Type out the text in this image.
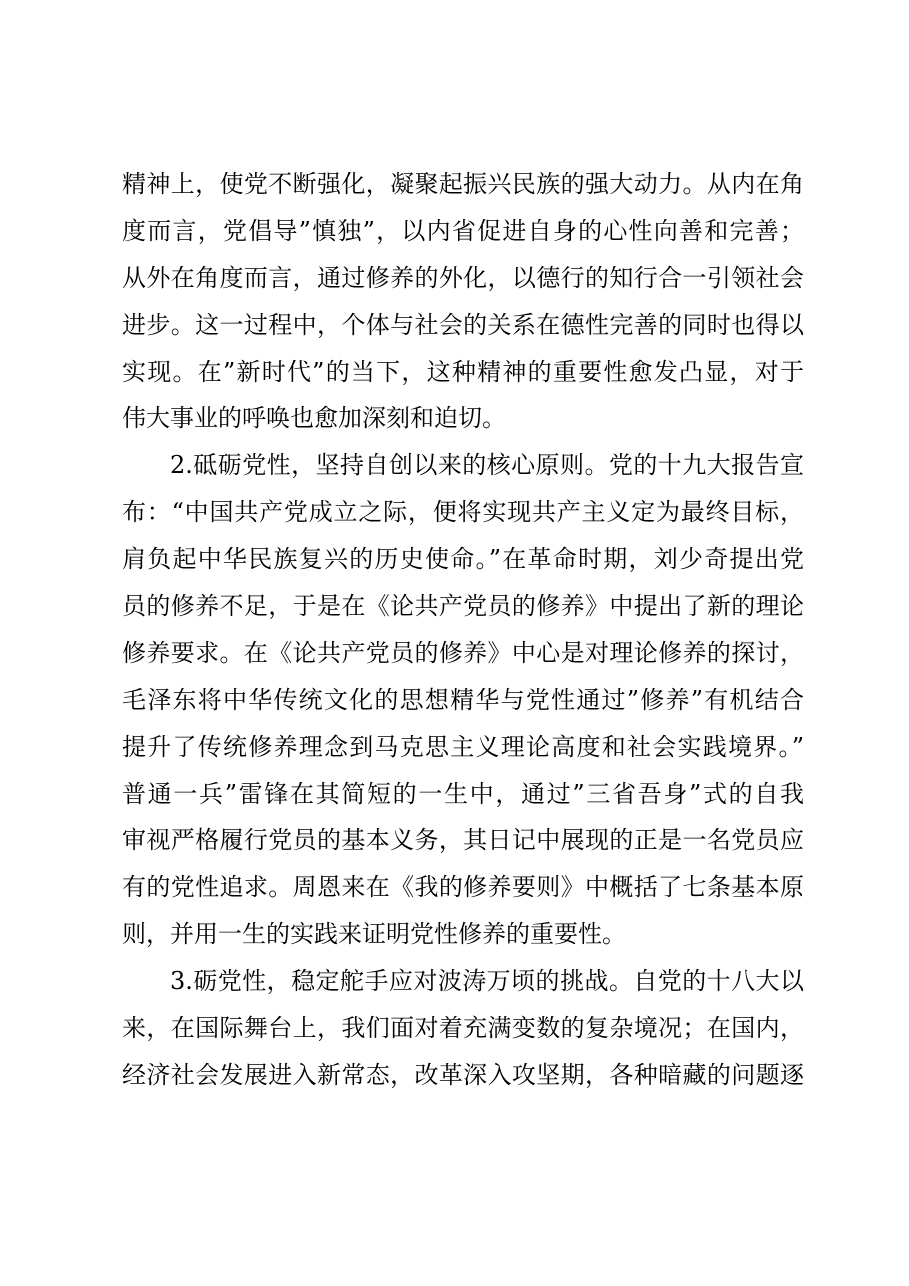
精神上，使党不断强化，凝聚起振兴民族的强大动力。从内在角
度而言，党倡导”慎独”，以内省促进自身的心性向善和完善；
从外在角度而言，通过修养的外化，以德行的知行合一引领社会
进步。这一过程中，个体与社会的关系在德性完善的同时也得以
实现。在”新时代”的当下，这种精神的重要性愈发凸显，对于
伟大事业的呼唤也愈加深刻和迫切。
2.砥砺党性，坚持自创以来的核心原则。党的十九大报告宣
布：“中国共产党成立之际，便将实现共产主义定为最终目标，
肩负起中华民族复兴的历史使命。”在革命时期，刘少奇提出党
员的修养不足，于是在《论共产党员的修养》中提出了新的理论
修养要求。在《论共产党员的修养》中心是对理论修养的探讨，
毛泽东将中华传统文化的思想精华与党性通过”修养”有机结合
提升了传统修养理念到马克思主义理论高度和社会实践境界。”
普通一兵”雷锋在其简短的一生中，通过”三省吾身”式的自我
审视严格履行党员的基本义务，其日记中展现的正是一名党员应
有的党性追求。周恩来在《我的修养要则》中概括了七条基本原
则，并用一生的实践来证明党性修养的重要性。
3.砺党性，稳定舵手应对波涛万顷的挑战。自党的十八大以
来，在国际舞台上，我们面对着充满变数的复杂境况；在国内，
经济社会发展进入新常态，改革深入攻坚期，各种暗藏的问题逐
